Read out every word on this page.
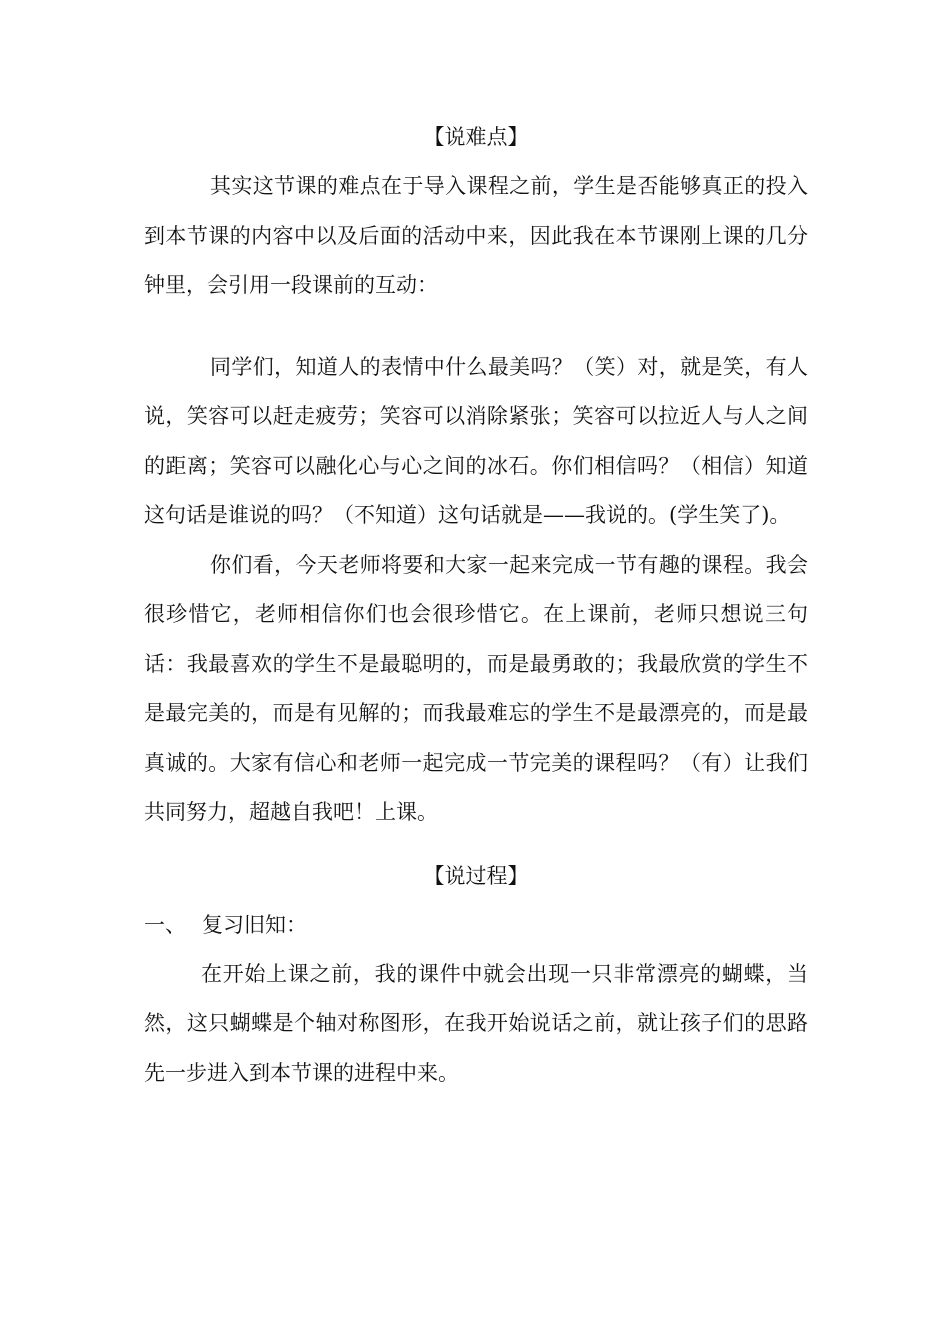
【说难点】

其实这节课的难点在于导入课程之前，学生是否能够真正的投入到本节课的内容中以及后面的活动中来，因此我在本节课刚上课的几分钟里，会引用一段课前的互动：

同学们，知道人的表情中什么最美吗？（笑）对，就是笑，有人说，笑容可以赶走疲劳；笑容可以消除紧张；笑容可以拉近人与人之间的距离；笑容可以融化心与心之间的冰石。你们相信吗？（相信）知道这句话是谁说的吗？（不知道）这句话就是——我说的。(学生笑了)。

你们看，今天老师将要和大家一起来完成一节有趣的课程。我会很珍惜它，老师相信你们也会很珍惜它。在上课前，老师只想说三句话：我最喜欢的学生不是最聪明的，而是最勇敢的；我最欣赏的学生不是最完美的，而是有见解的；而我最难忘的学生不是最漂亮的，而是最真诚的。大家有信心和老师一起完成一节完美的课程吗？（有）让我们共同努力，超越自我吧！上课。

【说过程】
一、 复习旧知：

在开始上课之前，我的课件中就会出现一只非常漂亮的蝴蝶，当然，这只蝴蝶是个轴对称图形，在我开始说话之前，就让孩子们的思路先一步进入到本节课的进程中来。
